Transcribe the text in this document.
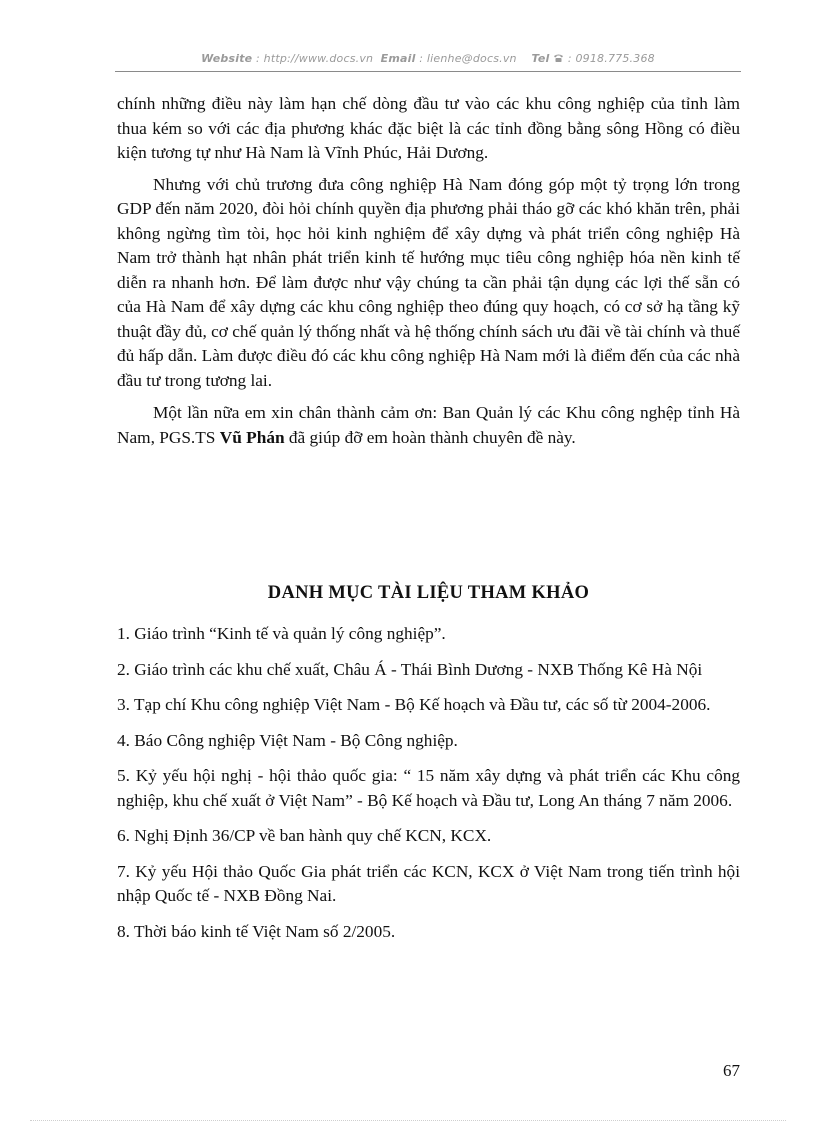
Website : http://www.docs.vn Email : lienhe@docs.vn Tel : 0918.775.368

chính những điều này làm hạn chế dòng đầu tư vào các khu công nghiệp của tỉnh làm thua kém so với các địa phương khác đặc biệt là các tỉnh đồng bằng sông Hồng có điều kiện tương tự như Hà Nam là Vĩnh Phúc, Hải Dương.

Nhưng với chủ trương đưa công nghiệp Hà Nam đóng góp một tỷ trọng lớn trong GDP đến năm 2020, đòi hỏi chính quyền địa phương phải tháo gỡ các khó khăn trên, phải không ngừng tìm tòi, học hỏi kinh nghiệm để xây dựng và phát triển công nghiệp Hà Nam trở thành hạt nhân phát triển kinh tế hướng mục tiêu công nghiệp hóa nền kinh tế diễn ra nhanh hơn. Để làm được như vậy chúng ta cần phải tận dụng các lợi thế sẵn có của Hà Nam để xây dựng các khu công nghiệp theo đúng quy hoạch, có cơ sở hạ tầng kỹ thuật đầy đủ, cơ chế quản lý thống nhất và hệ thống chính sách ưu đãi về tài chính và thuế đủ hấp dẫn. Làm được điều đó các khu công nghiệp Hà Nam mới là điểm đến của các nhà đầu tư trong tương lai.

Một lần nữa em xin chân thành cảm ơn: Ban Quản lý các Khu công nghệp tỉnh Hà Nam, PGS.TS Vũ Phán đã giúp đỡ em hoàn thành chuyên đề này.

DANH MỤC TÀI LIỆU THAM KHẢO

1. Giáo trình “Kinh tế và quản lý công nghiệp”.

2. Giáo trình các khu chế xuất, Châu Á - Thái Bình Dương - NXB Thống Kê Hà Nội

3. Tạp chí Khu công nghiệp Việt Nam - Bộ Kế hoạch và Đầu tư, các số từ 2004-2006.

4. Báo Công nghiệp Việt Nam - Bộ Công nghiệp.

5. Kỷ yếu hội nghị - hội thảo quốc gia: “ 15 năm xây dựng và phát triển các Khu công nghiệp, khu chế xuất ở Việt Nam” - Bộ Kế hoạch và Đầu tư, Long An tháng 7 năm 2006.

6. Nghị Định 36/CP về ban hành quy chế KCN, KCX.

7. Kỷ yếu Hội thảo Quốc Gia phát triển các KCN, KCX ở Việt Nam trong tiến trình hội nhập Quốc tế - NXB Đồng Nai.

8. Thời báo kinh tế Việt Nam số 2/2005.

67
